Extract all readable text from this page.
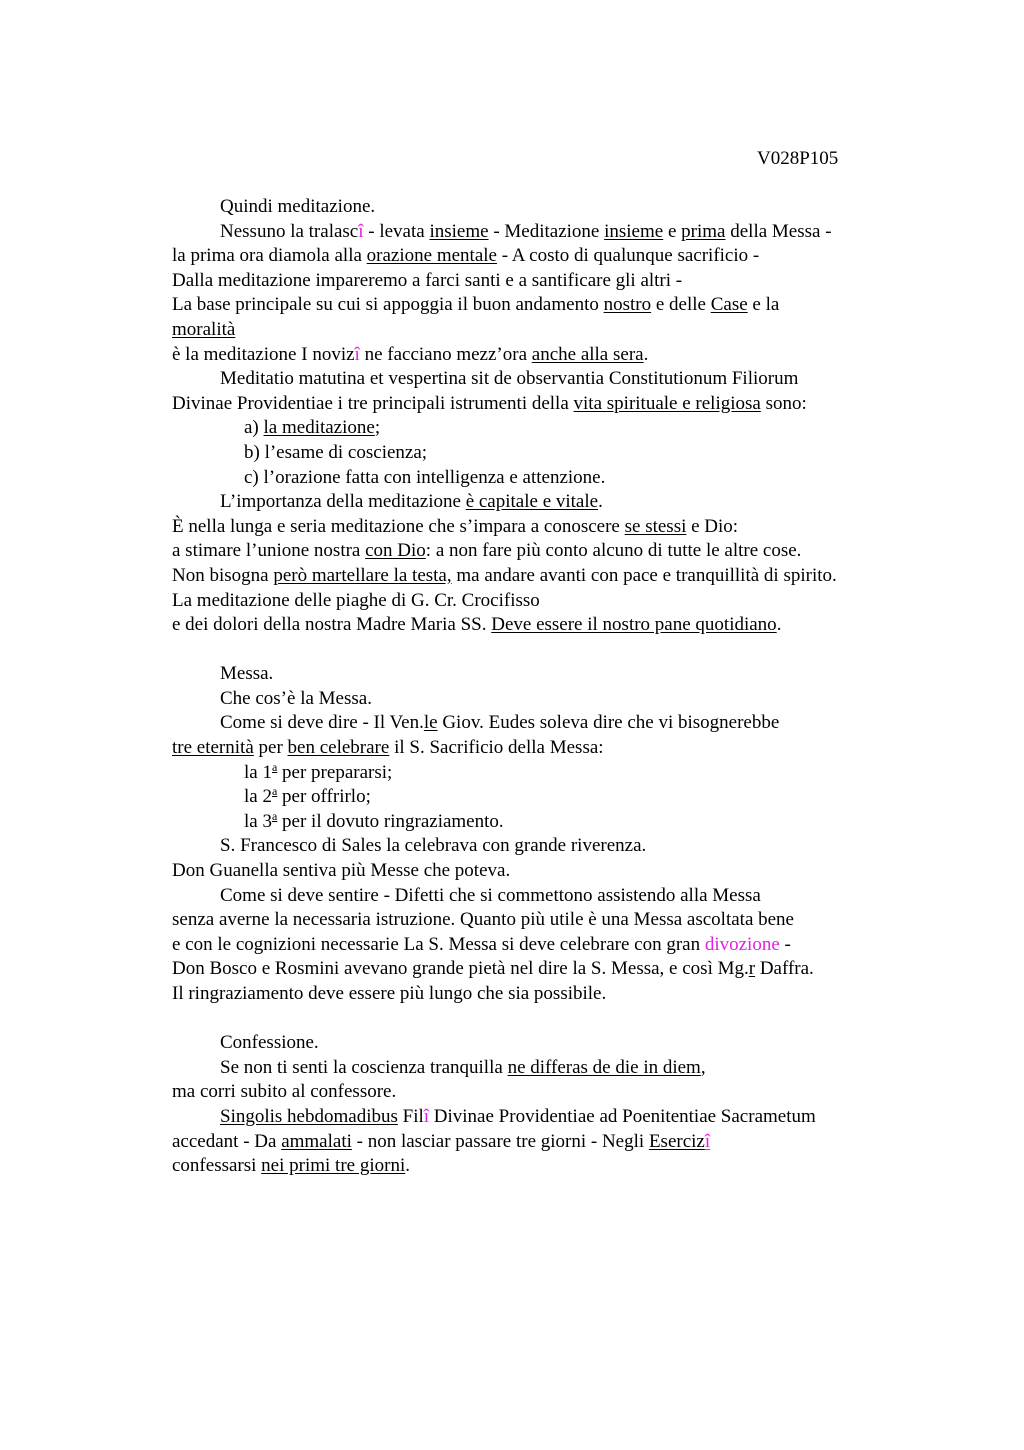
V028P105
Quindi meditazione.
Nessuno la tralascî - levata insieme - Meditazione insieme e prima della Messa -
la prima ora diamola alla orazione mentale - A costo di qualunque sacrificio -
Dalla meditazione impareremo a farci santi e a santificare gli altri -
La base principale su cui si appoggia il buon andamento nostro e delle Case e la
moralità
è la meditazione I novizî ne facciano mezz’ora anche alla sera.
Meditatio matutina et vespertina sit de observantia Constitutionum Filiorum
Divinae Providentiae i tre principali istrumenti della vita spirituale e religiosa sono:
a) la meditazione;
b) l’esame di coscienza;
c) l’orazione fatta con intelligenza e attenzione.
L’importanza della meditazione è capitale e vitale.
È nella lunga e seria meditazione che s’impara a conoscere se stessi e Dio:
a stimare l’unione nostra con Dio: a non fare più conto alcuno di tutte le altre cose.
Non bisogna però martellare la testa, ma andare avanti con pace e tranquillità di spirito.
La meditazione delle piaghe di G. Cr. Crocifisso
e dei dolori della nostra Madre Maria SS. Deve essere il nostro pane quotidiano.
Messa.
Che cos’è la Messa.
Come si deve dire - Il Ven.le Giov. Eudes soleva dire che vi bisognerebbe
tre eternità per ben celebrare il S. Sacrificio della Messa:
la 1$^a$ per prepararsi;
la 2$^a$ per offrirlo;
la 3$^a$ per il dovuto ringraziamento.
S. Francesco di Sales la celebrava con grande riverenza.
Don Guanella sentiva più Messe che poteva.
Come si deve sentire - Difetti che si commettono assistendo alla Messa
senza averne la necessaria istruzione. Quanto più utile è una Messa ascoltata bene
e con le cognizioni necessarie La S. Messa si deve celebrare con gran divozione -
Don Bosco e Rosmini avevano grande pietà nel dire la S. Messa, e così Mg.r Daffra.
Il ringraziamento deve essere più lungo che sia possibile.
Confessione.
Se non ti senti la coscienza tranquilla ne differas de die in diem,
ma corri subito al confessore.
Singolis hebdomadibus Filî Divinae Providentiae ad Poenitentiae Sacrametum
accedant - Da ammalati - non lasciar passare tre giorni - Negli Esercizî
confessarsi nei primi tre giorni.
